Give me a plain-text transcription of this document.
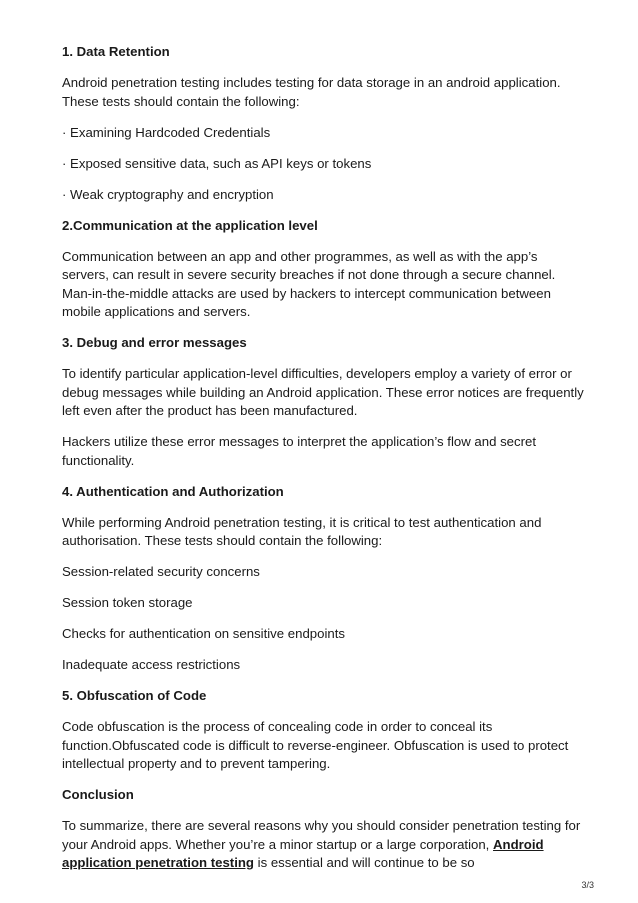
1. Data Retention
Android penetration testing includes testing for data storage in an android application.
These tests should contain the following:
· Examining Hardcoded Credentials
· Exposed sensitive data, such as API keys or tokens
· Weak cryptography and encryption
2.Communication at the application level
Communication between an app and other programmes, as well as with the app’s
servers, can result in severe security breaches if not done through a secure channel.
Man-in-the-middle attacks are used by hackers to intercept communication between
mobile applications and servers.
3. Debug and error messages
To identify particular application-level difficulties, developers employ a variety of error or
debug messages while building an Android application. These error notices are frequently
left even after the product has been manufactured.
Hackers utilize these error messages to interpret the application’s flow and secret
functionality.
4. Authentication and Authorization
While performing Android penetration testing, it is critical to test authentication and
authorisation. These tests should contain the following:
Session-related security concerns
Session token storage
Checks for authentication on sensitive endpoints
Inadequate access restrictions
5. Obfuscation of Code
Code obfuscation is the process of concealing code in order to conceal its
function.Obfuscated code is difficult to reverse-engineer. Obfuscation is used to protect
intellectual property and to prevent tampering.
Conclusion
To summarize, there are several reasons why you should consider penetration testing for
your Android apps. Whether you’re a minor startup or a large corporation, Android
application penetration testing is essential and will continue to be so
3/3
